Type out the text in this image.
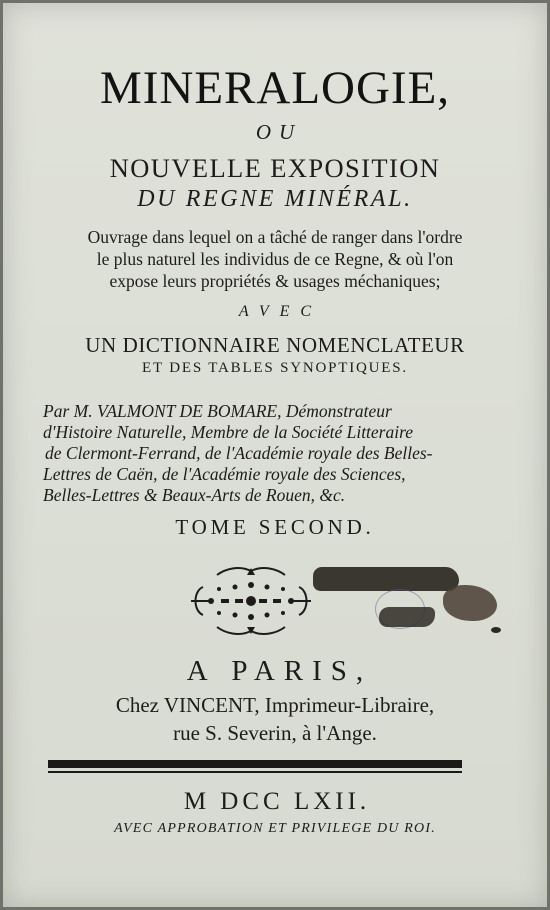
MINERALOGIE,
OU
NOUVELLE EXPOSITION
DU REGNE MINÉRAL.
Ouvrage dans lequel on a tâché de ranger dans l'ordre
le plus naturel les individus de ce Regne, & où l'on
expose leurs propriétés & usages méchaniques;
AVEC
UN DICTIONNAIRE NOMENCLATEUR
ET DES TABLES SYNOPTIQUES.
Par M. VALMONT DE BOMARE, Démonstrateur
d'Histoire Naturelle, Membre de la Société Litteraire
de Clermont-Ferrand, de l'Académie royale des Belles-
Lettres de Caën, de l'Académie royale des Sciences,
Belles-Lettres & Beaux-Arts de Rouen, &c.
TOME SECOND.
A PARIS,
Chez VINCENT, Imprimeur-Libraire,
rue S. Severin, à l'Ange.
M DCC LXII.
AVEC APPROBATION ET PRIVILEGE DU ROI.
